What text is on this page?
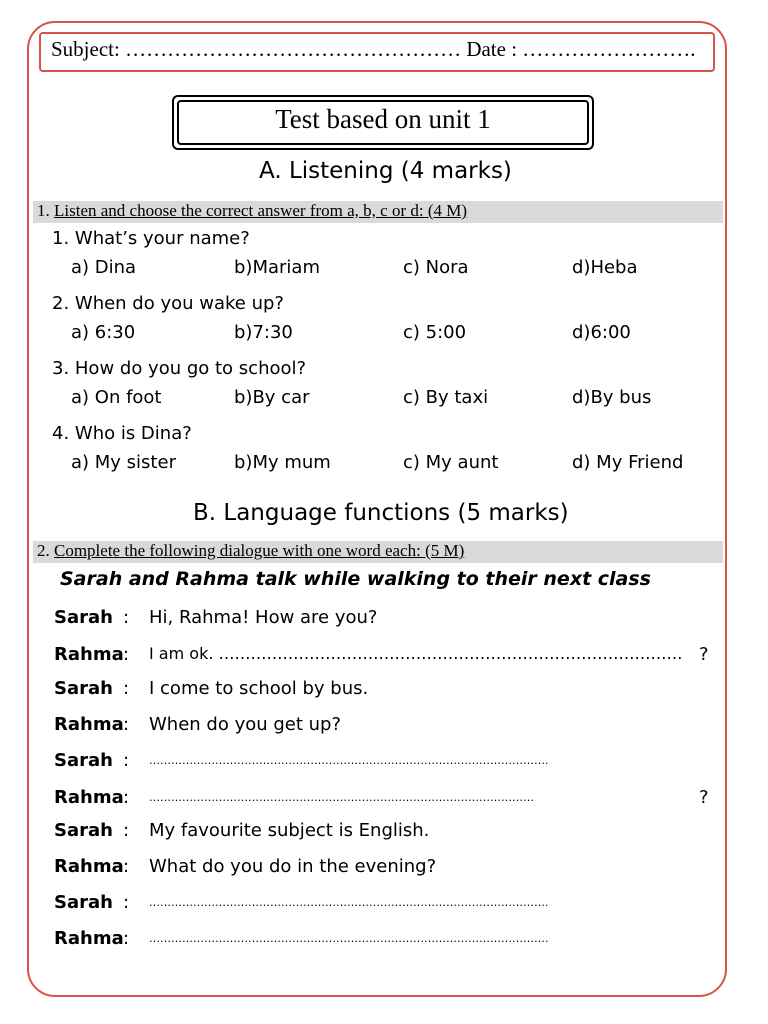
Subject: ………………………………………… Date : …………………….
Test based on unit 1
A. Listening (4 marks)
1. Listen and choose the correct answer from a, b, c or d: (4 M)
1. What’s your name?
a) Dina	b)Mariam	c) Nora	d)Heba
2. When do you wake up?
a) 6:30	b)7:30	c) 5:00	d)6:00
3. How do you go to school?
a) On foot	b)By car	c) By taxi	d)By bus
4. Who is Dina?
a) My sister	b)My mum	c) My aunt	d) My Friend
B. Language functions (5 marks)
2. Complete the following dialogue with one word each: (5 M)
Sarah and Rahma talk while walking to their next class
Sarah : Hi, Rahma! How are you?
Rahma : I am ok. …………………………………………………………………………… ?
Sarah : I come to school by bus.
Rahma : When do you get up?
Sarah : ……………………………………………………………………………………………….
Rahma : ……………………………………………………………………………………………	?
Sarah : My favourite subject is English.
Rahma : What do you do in the evening?
Sarah : ……………………………………………………………………………………………….
Rahma : ……………………………………………………………………………………………….
